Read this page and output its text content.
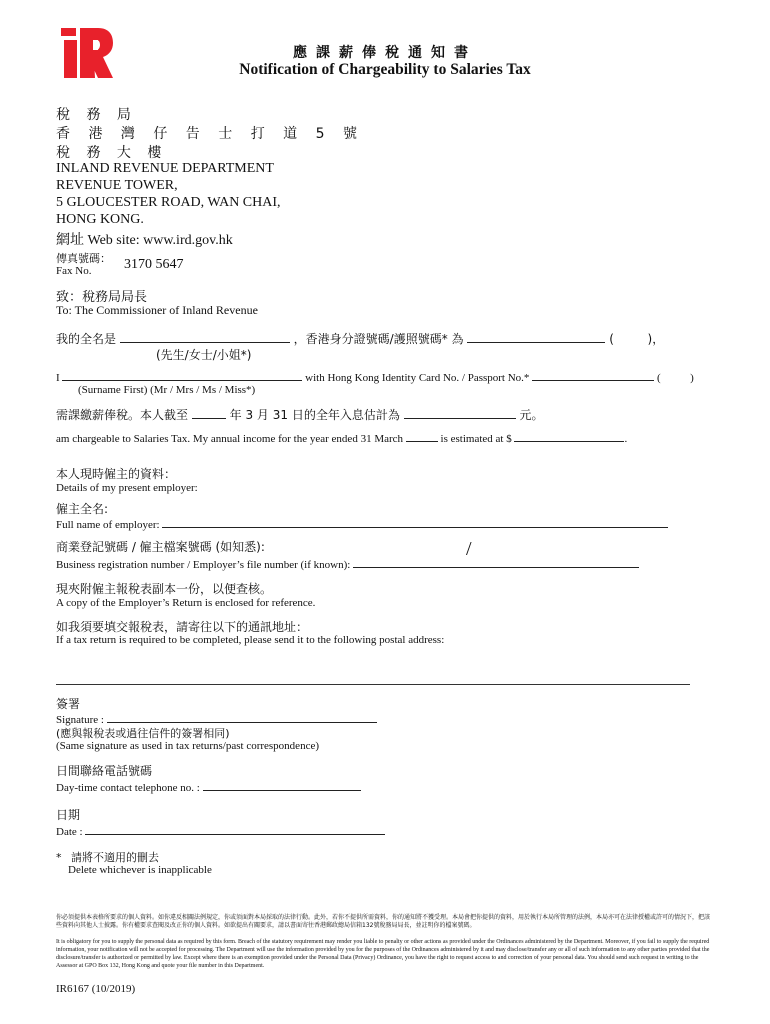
應課薪俸稅通知書
Notification of Chargeability to Salaries Tax
稅 務 局
香 港 灣 仔 告 士 打 道 5 號
稅 務 大 樓
INLAND REVENUE DEPARTMENT
REVENUE TOWER,
5 GLOUCESTER ROAD, WAN CHAI,
HONG KONG.
網址 Web site: www.ird.gov.hk
傳真號碼：
Fax No. 3170 5647
致：稅務局局長
To: The Commissioner of Inland Revenue
我的全名是	，香港身分證號碼/護照號碼* 為	(	)，
(先生/女士/小姐*)
I	with Hong Kong Identity Card No. / Passport No.*	(	)
(Surname First) (Mr / Mrs / Ms / Miss*)
需課繳薪俸稅。本人截至	年 3 月 31 日的全年入息估計為	元。
am chargeable to Salaries Tax. My annual income for the year ended 31 March	is estimated at $	.
本人現時僱主的資料：
Details of my present employer:
僱主全名:
Full name of employer:
商業登記號碼 / 僱主檔案號碼 (如知悉):	/
Business registration number / Employer’s file number (if known):
現夾附僱主報稅表副本一份，以便查核。
A copy of the Employer’s Return is enclosed for reference.
如我須要填交報稅表，請寄往以下的通訊地址：
If a tax return is required to be completed, please send it to the following postal address:
簽署
Signature :
(應與報稅表或過往信件的簽署相同)
(Same signature as used in tax returns/past correspondence)
日間聯絡電話號碼
Day-time contact telephone no. :
日期
Date :
* 請將不適用的刪去
Delete whichever is inapplicable
你必須提供本表格所要求的個人資料。如你違反相關法例規定，你或須面對本局採取的法律行動。此外，若你不提供所需資料，你的通知將不獲受理。本局會把你提供的資料，用於執行本局所管理的法例，本局亦可在法律授權或許可的情況下，把該些資料向其他人士披露。你有權要求查閱及改正你的個人資料。如欲提出有關要求，請以書面寄往香港郵政總局信箱132號稅務局局長，並註明你的檔案號碼。
It is obligatory for you to supply the personal data as required by this form. Breach of the statutory requirement may render you liable to penalty or other actions as provided under the Ordinances administered by the Department. Moreover, if you fail to supply the required information, your notification will not be accepted for processing. The Department will use the information provided by you for the purposes of the Ordinances administered by it and may disclose/transfer any or all of such information to any other parties provided that the disclosure/transfer is authorized or permitted by law. Except where there is an exemption provided under the Personal Data (Privacy) Ordinance, you have the right to request access to and correction of your personal data. You should send such request in writing to the Assessor at GPO Box 132, Hong Kong and quote your file number in this Department.
IR6167 (10/2019)
